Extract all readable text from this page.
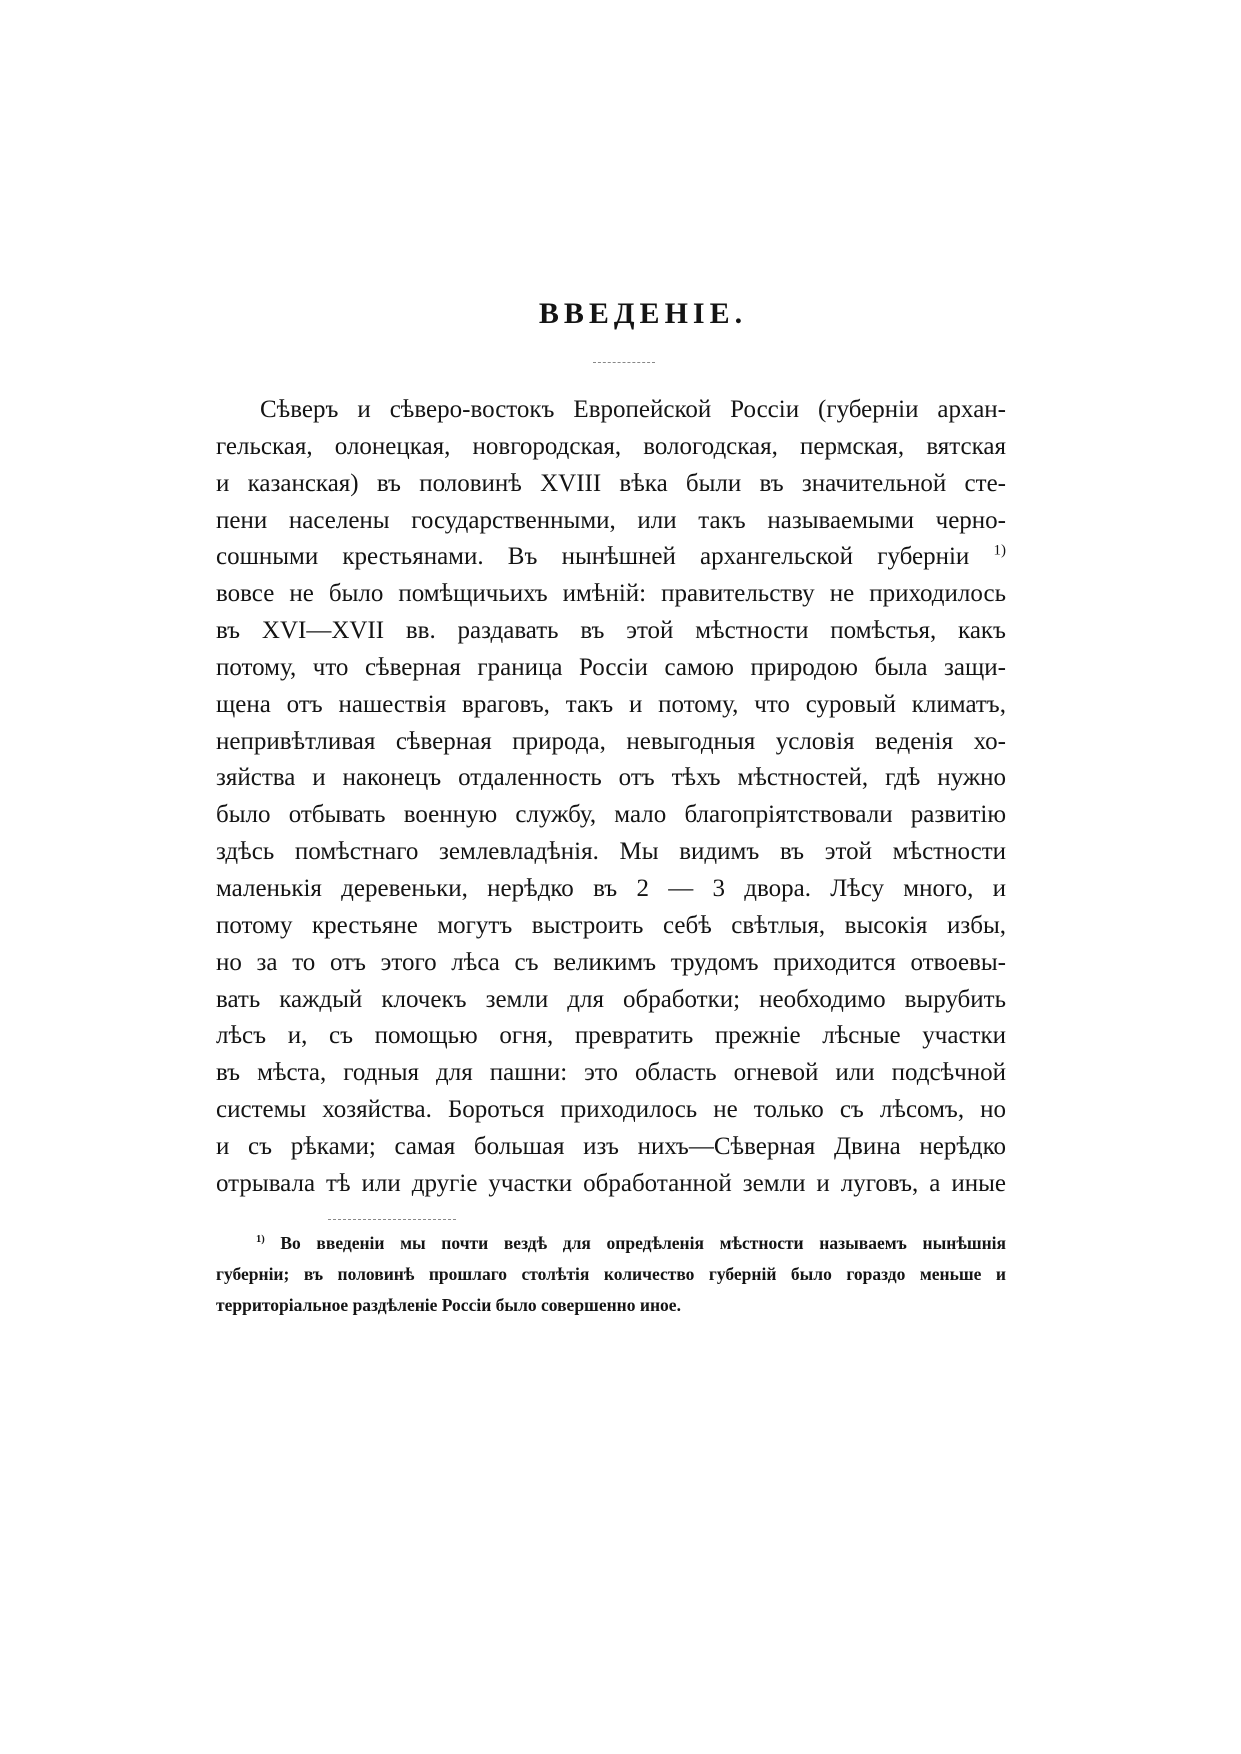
ВВЕДЕНІЕ.
Сѣверъ и сѣверо-востокъ Европейской Россіи (губерніи архан-
гельская, олонецкая, новгородская, вологодская, пермская, вятская
и казанская) въ половинѣ XVIII вѣка были въ значительной сте-
пени населены государственными, или такъ называемыми черно-
сошными крестьянами. Въ нынѣшней архангельской губерніи $^{1)}$
вовсе не было помѣщичьихъ имѣній: правительству не приходилось
въ XVI—XVII вв. раздавать въ этой мѣстности помѣстья, какъ
потому, что сѣверная граница Россіи самою природою была защи-
щена отъ нашествія враговъ, такъ и потому, что суровый климатъ,
непривѣтливая сѣверная природа, невыгодныя условія веденія хо-
зяйства и наконецъ отдаленность отъ тѣхъ мѣстностей, гдѣ нужно
было отбывать военную службу, мало благопріятствовали развитію
здѣсь помѣстнаго землевладѣнія. Мы видимъ въ этой мѣстности
маленькія деревеньки, нерѣдко въ 2 — 3 двора. Лѣсу много, и
потому крестьяне могутъ выстроить себѣ свѣтлыя, высокія избы,
но за то отъ этого лѣса съ великимъ трудомъ приходится отвоевы-
вать каждый клочекъ земли для обработки; необходимо вырубить
лѣсъ и, съ помощью огня, превратить прежніе лѣсные участки
въ мѣста, годныя для пашни: это область огневой или подсѣчной
системы хозяйства. Бороться приходилось не только съ лѣсомъ, но
и съ рѣками; самая большая изъ нихъ—Сѣверная Двина нерѣдко
отрывала тѣ или другіе участки обработанной земли и луговъ, а иные
$^{1)}$ Во введеніи мы почти вездѣ для опредѣленія мѣстности называемъ нынѣшнія
губерніи; въ половинѣ прошлаго столѣтія количество губерній было гораздо меньше и
территоріальное раздѣленіе Россіи было совершенно иное.
